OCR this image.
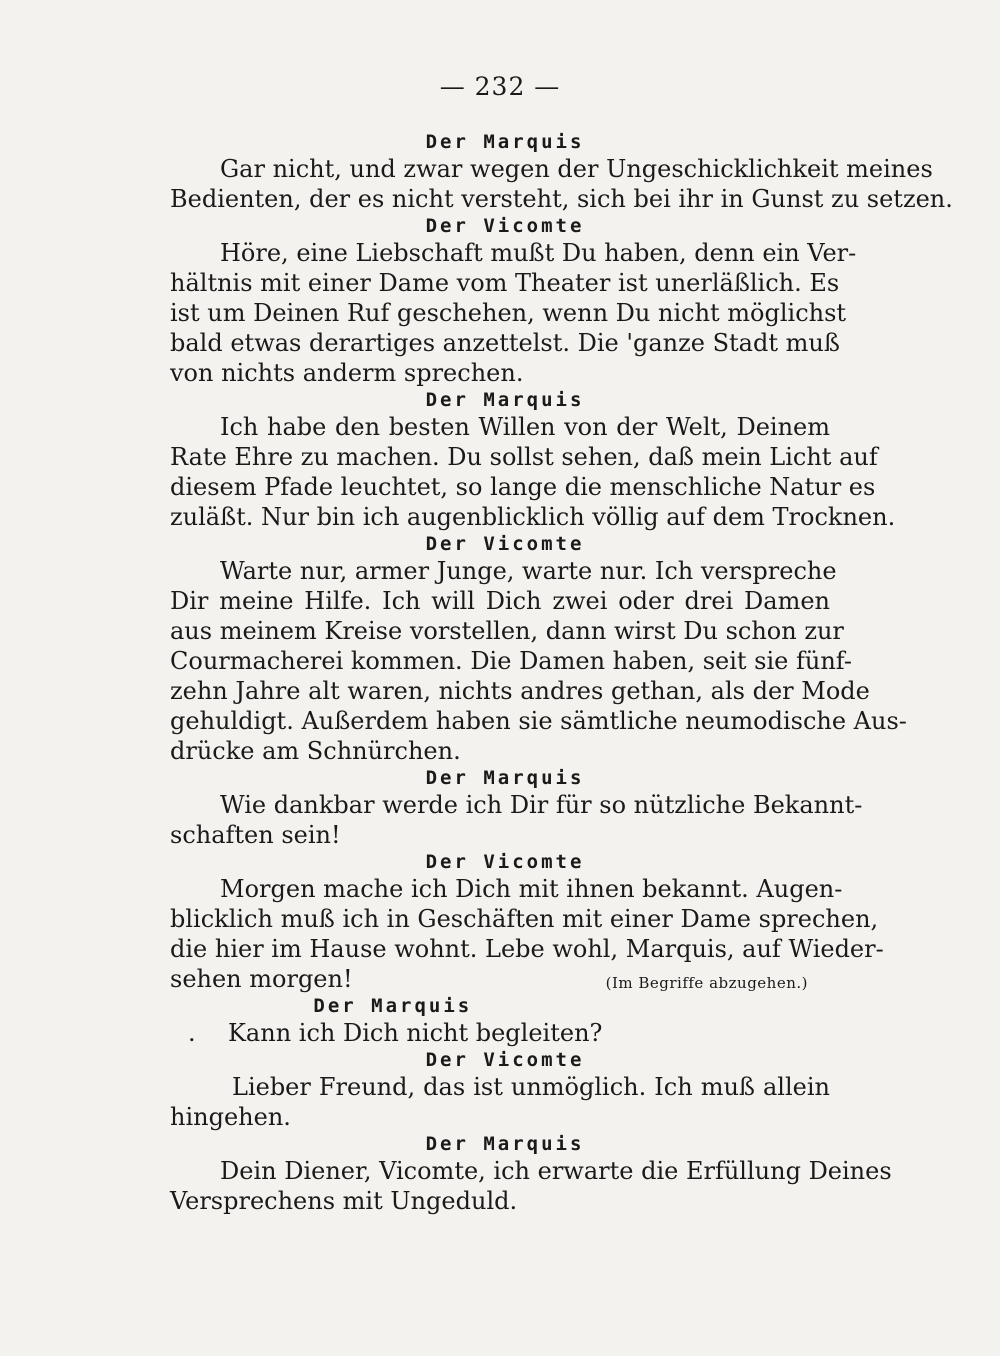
— 232 —
Der Marquis
Gar nicht, und zwar wegen der Ungeschicklichkeit meines
Bedienten, der es nicht versteht, sich bei ihr in Gunst zu setzen.
Der Vicomte
Höre, eine Liebschaft mußt Du haben, denn ein Ver-
hältnis mit einer Dame vom Theater ist unerläßlich. Es
ist um Deinen Ruf geschehen, wenn Du nicht möglichst
bald etwas derartiges anzettelst. Die 'ganze Stadt muß
von nichts anderm sprechen.
Der Marquis
Ich habe den besten Willen von der Welt, Deinem
Rate Ehre zu machen. Du sollst sehen, daß mein Licht auf
diesem Pfade leuchtet, so lange die menschliche Natur es
zuläßt. Nur bin ich augenblicklich völlig auf dem Trocknen.
Der Vicomte
Warte nur, armer Junge, warte nur. Ich verspreche
Dir meine Hilfe. Ich will Dich zwei oder drei Damen
aus meinem Kreise vorstellen, dann wirst Du schon zur
Courmacherei kommen. Die Damen haben, seit sie fünf-
zehn Jahre alt waren, nichts andres gethan, als der Mode
gehuldigt. Außerdem haben sie sämtliche neumodische Aus-
drücke am Schnürchen.
Der Marquis
Wie dankbar werde ich Dir für so nützliche Bekannt-
schaften sein!
Der Vicomte
Morgen mache ich Dich mit ihnen bekannt. Augen-
blicklich muß ich in Geschäften mit einer Dame sprechen,
die hier im Hause wohnt. Lebe wohl, Marquis, auf Wieder-
sehen morgen!	(Im Begriffe abzugehen.)
Der Marquis
. Kann ich Dich nicht begleiten?
Der Vicomte
Lieber Freund, das ist unmöglich. Ich muß allein
hingehen.
Der Marquis
Dein Diener, Vicomte, ich erwarte die Erfüllung Deines
Versprechens mit Ungeduld.
